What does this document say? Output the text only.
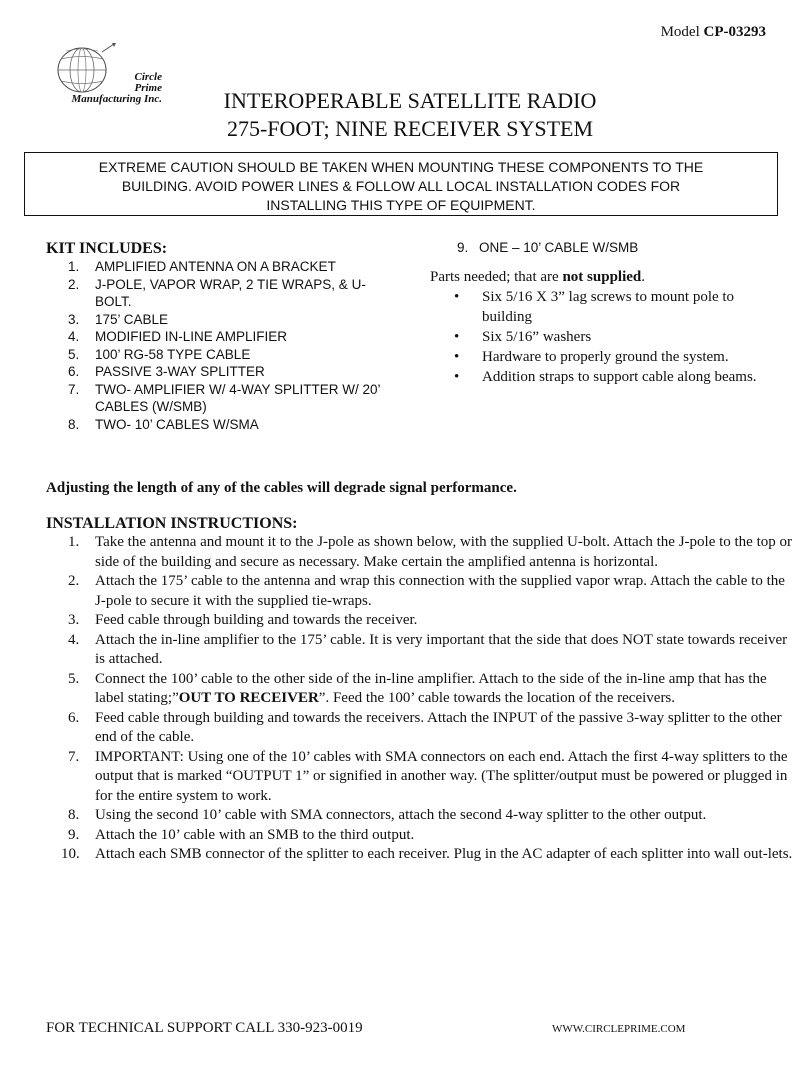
Model CP-03293
Circle
Prime
Manufacturing Inc.	INTEROPERABLE SATELLITE RADIO
275-FOOT; NINE RECEIVER SYSTEM
EXTREME CAUTION SHOULD BE TAKEN WHEN MOUNTING THESE COMPONENTS TO THE
BUILDING. AVOID POWER LINES & FOLLOW ALL LOCAL INSTALLATION CODES FOR
INSTALLING THIS TYPE OF EQUIPMENT.
KIT INCLUDES:
1. AMPLIFIED ANTENNA ON A BRACKET
2. J-POLE, VAPOR WRAP, 2 TIE WRAPS, & U-BOLT.
3. 175’ CABLE
4. MODIFIED IN-LINE AMPLIFIER
5. 100’ RG-58 TYPE CABLE
6. PASSIVE 3-WAY SPLITTER
7. TWO- AMPLIFIER W/ 4-WAY SPLITTER W/ 20’ CABLES (W/SMB)
8. TWO- 10’ CABLES W/SMA
9. ONE – 10’ CABLE W/SMB
Parts needed; that are not supplied.
• Six 5/16 X 3” lag screws to mount pole to building
• Six 5/16” washers
• Hardware to properly ground the system.
• Addition straps to support cable along beams.
Adjusting the length of any of the cables will degrade signal performance.
INSTALLATION INSTRUCTIONS:
1. Take the antenna and mount it to the J-pole as shown below, with the supplied U-bolt. Attach the J-pole to the top or side of the building and secure as necessary. Make certain the amplified antenna is horizontal.
2. Attach the 175’ cable to the antenna and wrap this connection with the supplied vapor wrap. Attach the cable to the J-pole to secure it with the supplied tie-wraps.
3. Feed cable through building and towards the receiver.
4. Attach the in-line amplifier to the 175’ cable. It is very important that the side that does NOT state towards receiver is attached.
5. Connect the 100’ cable to the other side of the in-line amplifier. Attach to the side of the in-line amp that has the label stating;”OUT TO RECEIVER”. Feed the 100’ cable towards the location of the receivers.
6. Feed cable through building and towards the receivers. Attach the INPUT of the passive 3-way splitter to the other end of the cable.
7. IMPORTANT: Using one of the 10’ cables with SMA connectors on each end. Attach the first 4-way splitters to the output that is marked “OUTPUT 1” or signified in another way. (The splitter/output must be powered or plugged in for the entire system to work.
8. Using the second 10’ cable with SMA connectors, attach the second 4-way splitter to the other output.
9. Attach the 10’ cable with an SMB to the third output.
10. Attach each SMB connector of the splitter to each receiver. Plug in the AC adapter of each splitter into wall out-lets.
FOR TECHNICAL SUPPORT CALL 330-923-0019	WWW.CIRCLEPRIME.COM
